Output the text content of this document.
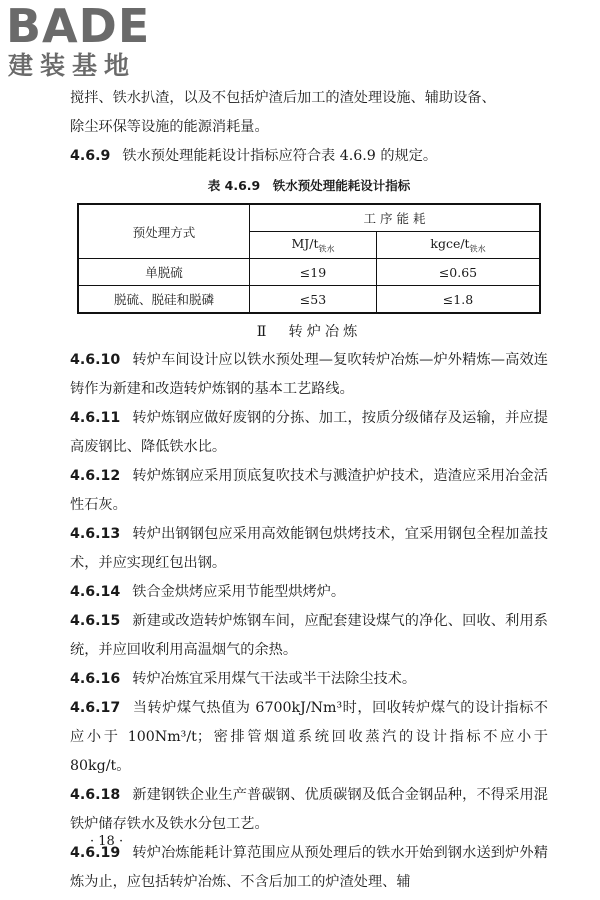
BADE
建装基地

搅拌、铁水扒渣，以及不包括炉渣后加工的渣处理设施、辅助设备、

除尘环保等设施的能源消耗量。

4.6.9 铁水预处理能耗设计指标应符合表 4.6.9 的规定。

表 4.6.9　铁水预处理能耗设计指标
预处理方式	工 序 能 耗	
	$MJ/t_{铁水}$	kgce/$t_{铁水}$
单脱硫	≤19	≤0.65
脱硫、脱硅和脱磷	≤53	≤1.8
Ⅱ　转炉冶炼

4.6.10 转炉车间设计应以铁水预处理—复吹转炉冶炼—炉外精炼—高效连铸作为新建和改造转炉炼钢的基本工艺路线。

4.6.11 转炉炼钢应做好废钢的分拣、加工，按质分级储存及运输，并应提高废钢比、降低铁水比。

4.6.12 转炉炼钢应采用顶底复吹技术与溅渣护炉技术，造渣应采用冶金活性石灰。

4.6.13 转炉出钢钢包应采用高效能钢包烘烤技术，宜采用钢包全程加盖技术，并应实现红包出钢。

4.6.14 铁合金烘烤应采用节能型烘烤炉。

4.6.15 新建或改造转炉炼钢车间，应配套建设煤气的净化、回收、利用系统，并应回收利用高温烟气的余热。

4.6.16 转炉冶炼宜采用煤气干法或半干法除尘技术。

4.6.17 当转炉煤气热值为 6700kJ/Nm³时，回收转炉煤气的设计指标不应小于 100Nm³/t；密排管烟道系统回收蒸汽的设计指标不应小于 80kg/t。

4.6.18 新建钢铁企业生产普碳钢、优质碳钢及低合金钢品种，不得采用混铁炉储存铁水及铁水分包工艺。

4.6.19 转炉冶炼能耗计算范围应从预处理后的铁水开始到钢水送到炉外精炼为止，应包括转炉冶炼、不含后加工的炉渣处理、辅

· 18 ·
